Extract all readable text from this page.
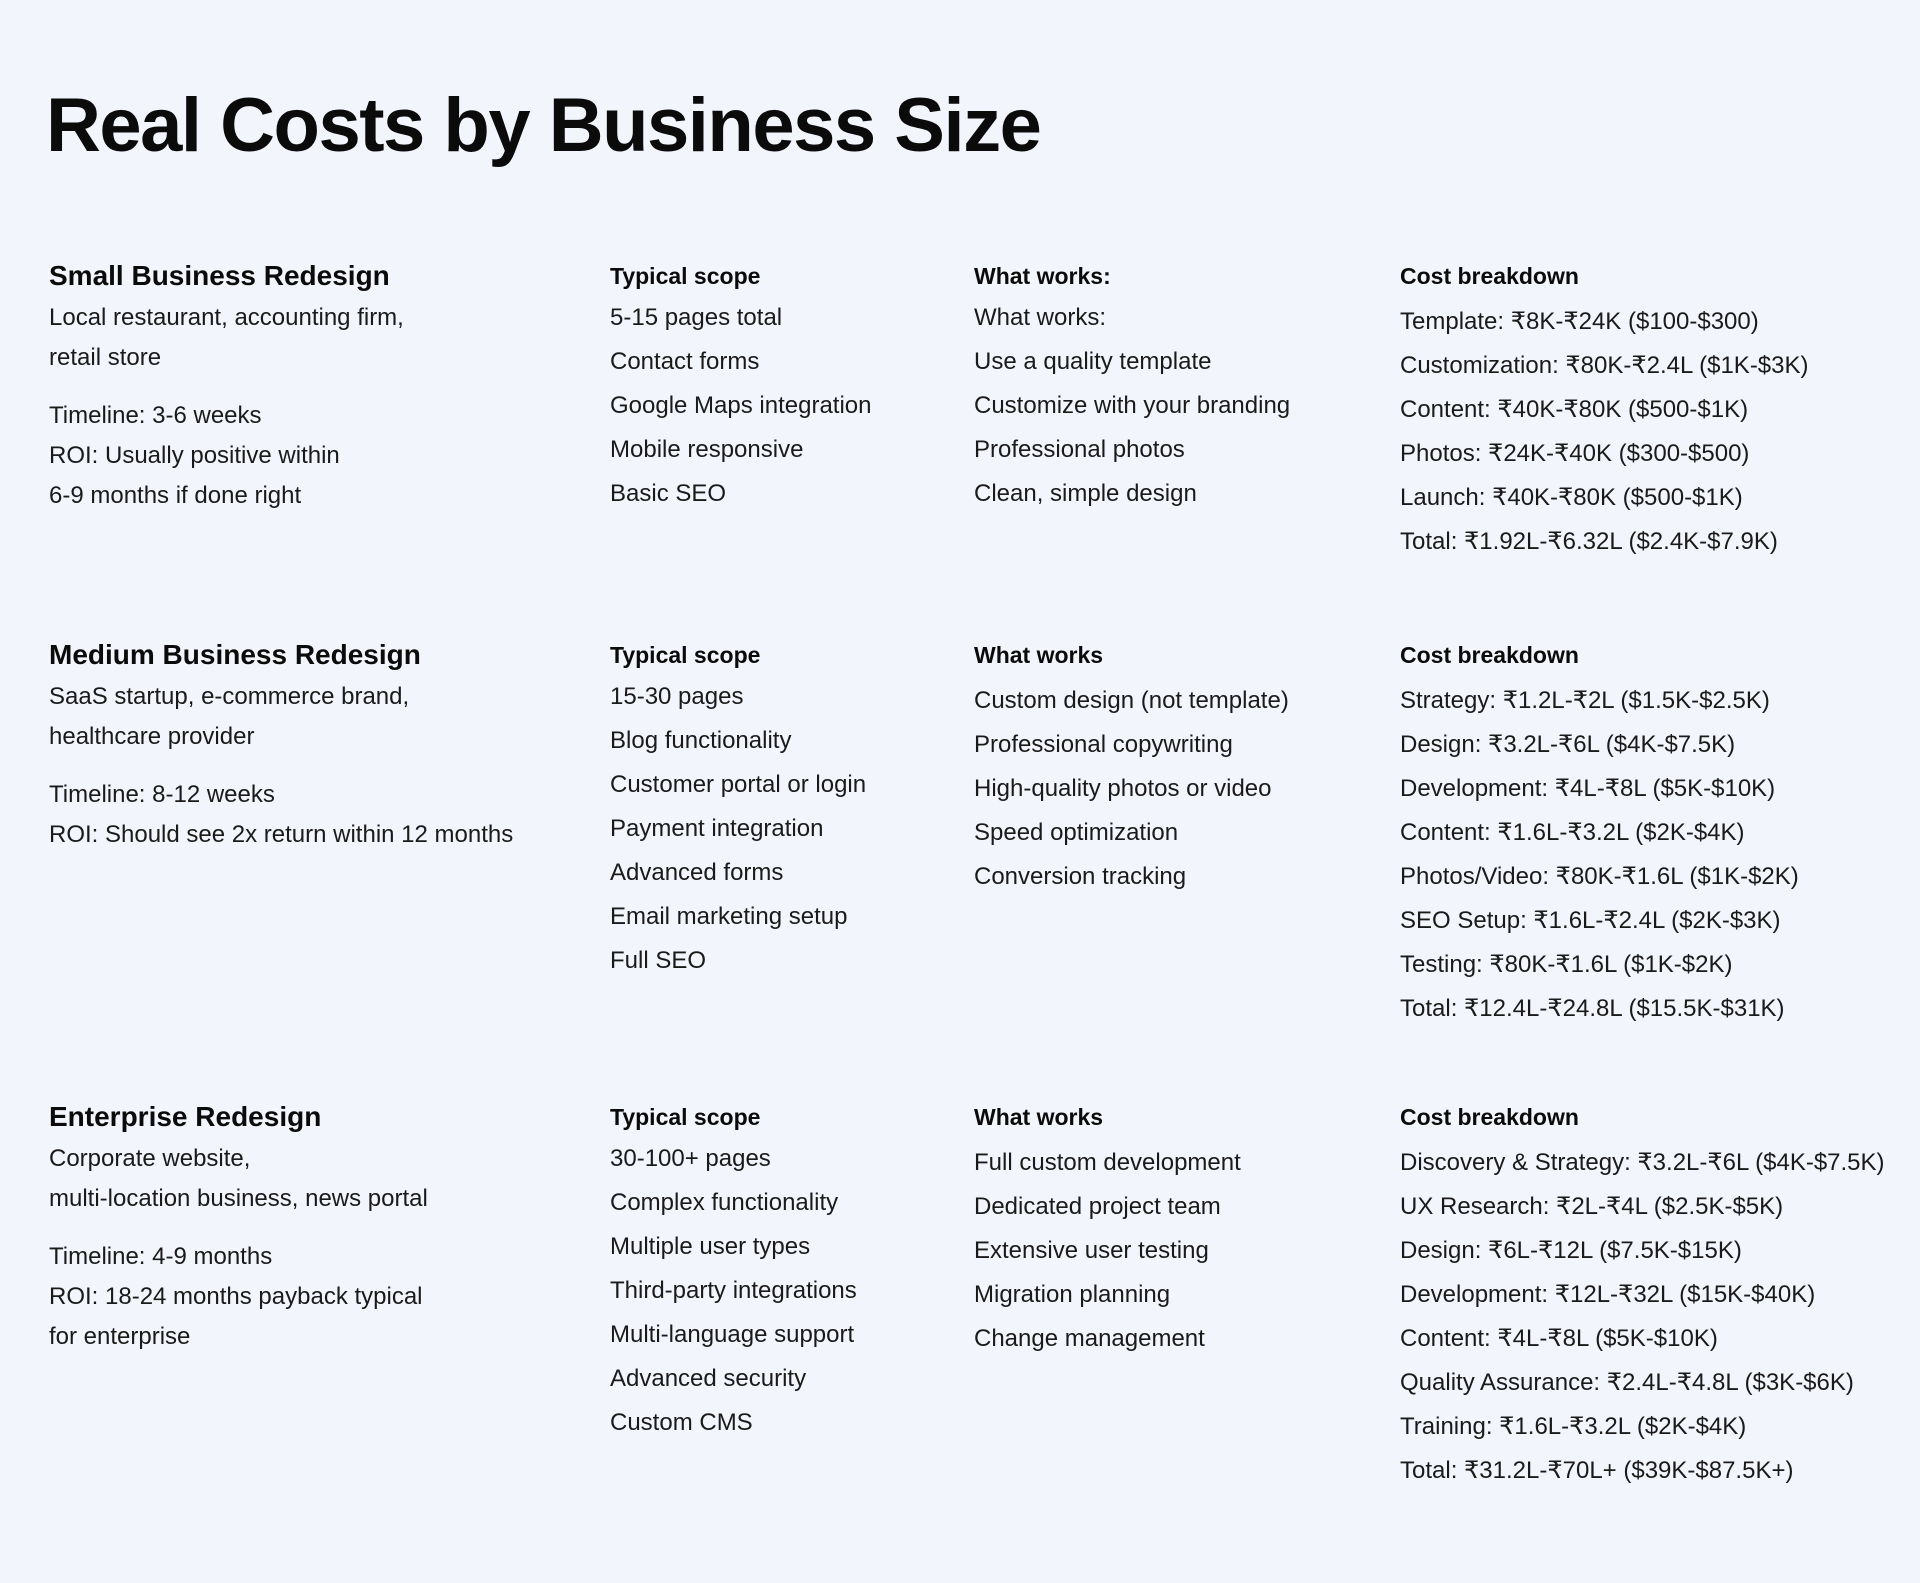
Real Costs by Business Size
Small Business Redesign
Local restaurant, accounting firm,
retail store
Timeline: 3-6 weeks
ROI: Usually positive within
6-9 months if done right
Typical scope
5-15 pages total
Contact forms
Google Maps integration
Mobile responsive
Basic SEO
What works:
What works:
Use a quality template
Customize with your branding
Professional photos
Clean, simple design
Cost breakdown
Template: ₹8K-₹24K ($100-$300)
Customization: ₹80K-₹2.4L ($1K-$3K)
Content: ₹40K-₹80K ($500-$1K)
Photos: ₹24K-₹40K ($300-$500)
Launch: ₹40K-₹80K ($500-$1K)
Total: ₹1.92L-₹6.32L ($2.4K-$7.9K)
Medium Business Redesign
SaaS startup, e-commerce brand,
healthcare provider
Timeline: 8-12 weeks
ROI: Should see 2x return within 12 months
Typical scope
15-30 pages
Blog functionality
Customer portal or login
Payment integration
Advanced forms
Email marketing setup
Full SEO
What works
Custom design (not template)
Professional copywriting
High-quality photos or video
Speed optimization
Conversion tracking
Cost breakdown
Strategy: ₹1.2L-₹2L ($1.5K-$2.5K)
Design: ₹3.2L-₹6L ($4K-$7.5K)
Development: ₹4L-₹8L ($5K-$10K)
Content: ₹1.6L-₹3.2L ($2K-$4K)
Photos/Video: ₹80K-₹1.6L ($1K-$2K)
SEO Setup: ₹1.6L-₹2.4L ($2K-$3K)
Testing: ₹80K-₹1.6L ($1K-$2K)
Total: ₹12.4L-₹24.8L ($15.5K-$31K)
Enterprise Redesign
Corporate website,
multi-location business, news portal
Timeline: 4-9 months
ROI: 18-24 months payback typical
for enterprise
Typical scope
30-100+ pages
Complex functionality
Multiple user types
Third-party integrations
Multi-language support
Advanced security
Custom CMS
What works
Full custom development
Dedicated project team
Extensive user testing
Migration planning
Change management
Cost breakdown
Discovery & Strategy: ₹3.2L-₹6L ($4K-$7.5K)
UX Research: ₹2L-₹4L ($2.5K-$5K)
Design: ₹6L-₹12L ($7.5K-$15K)
Development: ₹12L-₹32L ($15K-$40K)
Content: ₹4L-₹8L ($5K-$10K)
Quality Assurance: ₹2.4L-₹4.8L ($3K-$6K)
Training: ₹1.6L-₹3.2L ($2K-$4K)
Total: ₹31.2L-₹70L+ ($39K-$87.5K+)
